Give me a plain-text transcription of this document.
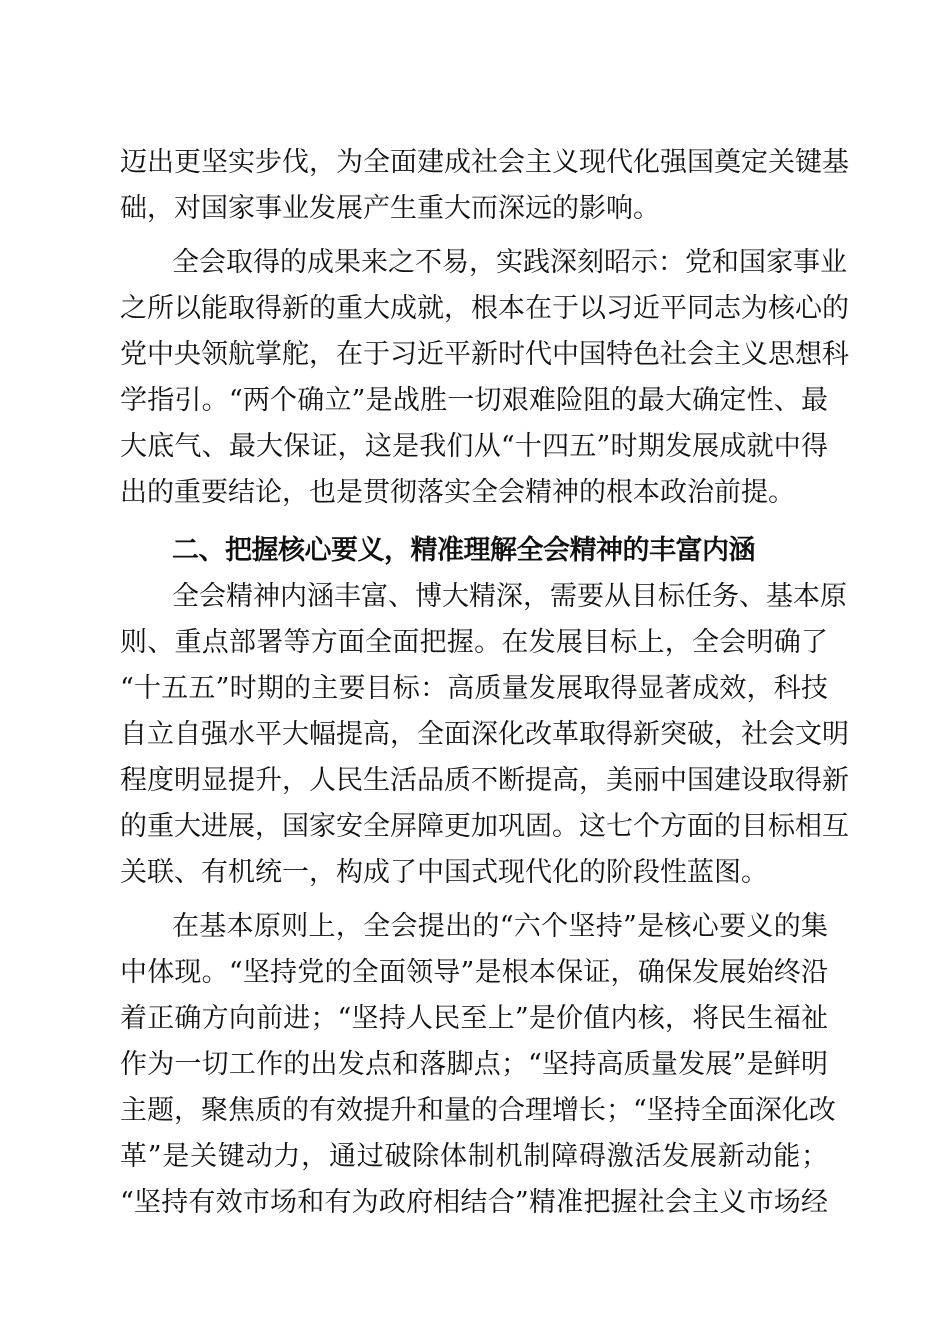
迈出更坚实步伐，为全面建成社会主义现代化强国奠定关键基
础，对国家事业发展产生重大而深远的影响。
全会取得的成果来之不易，实践深刻昭示：党和国家事业
之所以能取得新的重大成就，根本在于以习近平同志为核心的
党中央领航掌舵，在于习近平新时代中国特色社会主义思想科
学指引。“两个确立”是战胜一切艰难险阻的最大确定性、最
大底气、最大保证，这是我们从“十四五”时期发展成就中得
出的重要结论，也是贯彻落实全会精神的根本政治前提。
二、把握核心要义，精准理解全会精神的丰富内涵
全会精神内涵丰富、博大精深，需要从目标任务、基本原
则、重点部署等方面全面把握。在发展目标上，全会明确了
“十五五”时期的主要目标：高质量发展取得显著成效，科技
自立自强水平大幅提高，全面深化改革取得新突破，社会文明
程度明显提升，人民生活品质不断提高，美丽中国建设取得新
的重大进展，国家安全屏障更加巩固。这七个方面的目标相互
关联、有机统一，构成了中国式现代化的阶段性蓝图。
在基本原则上，全会提出的“六个坚持”是核心要义的集
中体现。“坚持党的全面领导”是根本保证，确保发展始终沿
着正确方向前进；“坚持人民至上”是价值内核，将民生福祉
作为一切工作的出发点和落脚点；“坚持高质量发展”是鲜明
主题，聚焦质的有效提升和量的合理增长；“坚持全面深化改
革”是关键动力，通过破除体制机制障碍激活发展新动能；
“坚持有效市场和有为政府相结合”精准把握社会主义市场经
